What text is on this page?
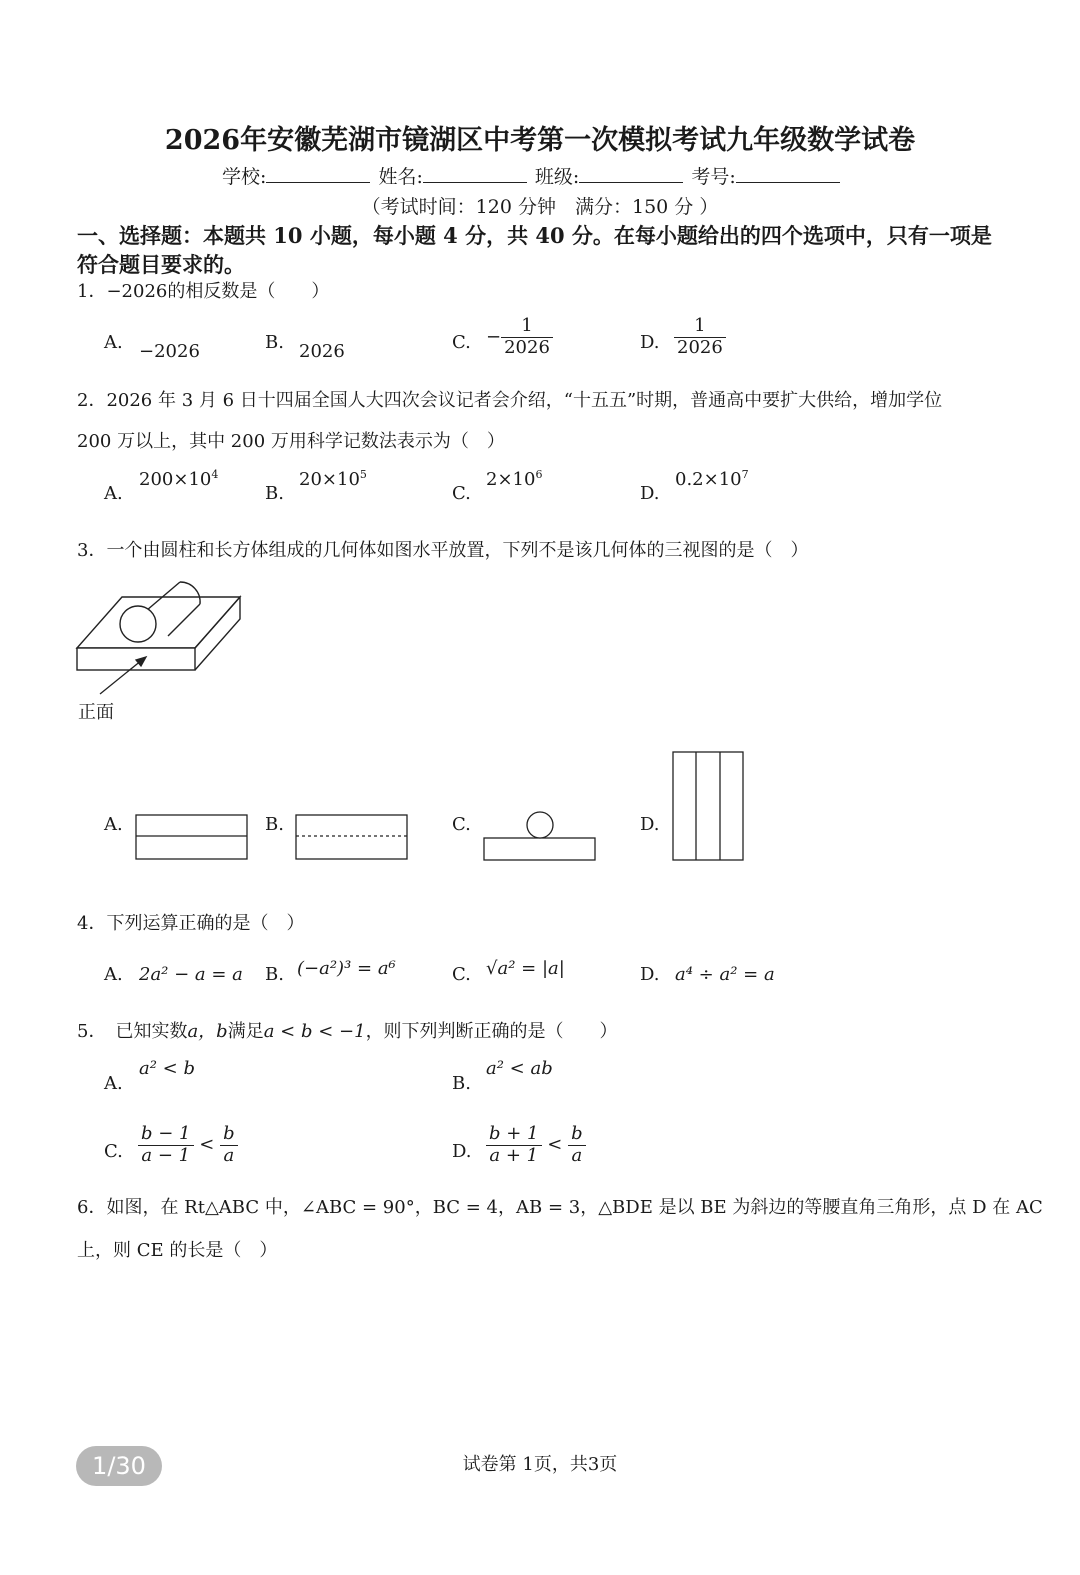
2026年安徽芜湖市镜湖区中考第一次模拟考试九年级数学试卷
学校:	姓名:	班级:	考号:
（考试时间：120 分钟　满分：150 分 ）
一、选择题：本题共 10 小题，每小题 4 分，共 40 分。在每小题给出的四个选项中，只有一项是
符合题目要求的。
1．−2026的相反数是（　　）
A. −2026	B. 2026	C. − $\frac{1}{2026}$	D. $\frac{1}{2026}$
2．2026 年 3 月 6 日十四届全国人大四次会议记者会介绍，“十五五”时期，普通高中要扩大供给，增加学位
200 万以上，其中 200 万用科学记数法表示为（　）
A.
$200\times 10^4$
B.
$20\times 10^5$
C.
$2\times 10^6$
D.
$0.2\times 10^7$
3．一个由圆柱和长方体组成的几何体如图水平放置，下列不是该几何体的三视图的是（　）
正面
A.	B.	C.	D.
4．下列运算正确的是（　）
A. 2a² − a = a B. (−a²)³ = a⁶	C. √a² = |a|	D. a⁴ ÷ a² = a
5．　 已知实数a，b满足a < b < −1，则下列判断正确的是（　　）
A.
a² < b
B.
a² < ab
C. $\frac{b - 1}{a - 1} < \frac{b}{a}$	D. $\frac{b + 1}{a + 1} < \frac{b}{a}$
6．如图，在 Rt△ABC 中，∠ABC = 90°，BC = 4，AB = 3，△BDE 是以 BE 为斜边的等腰直角三角形，点 D 在 AC
上，则 CE 的长是（　）
1/30	试卷第 1页，共3页
